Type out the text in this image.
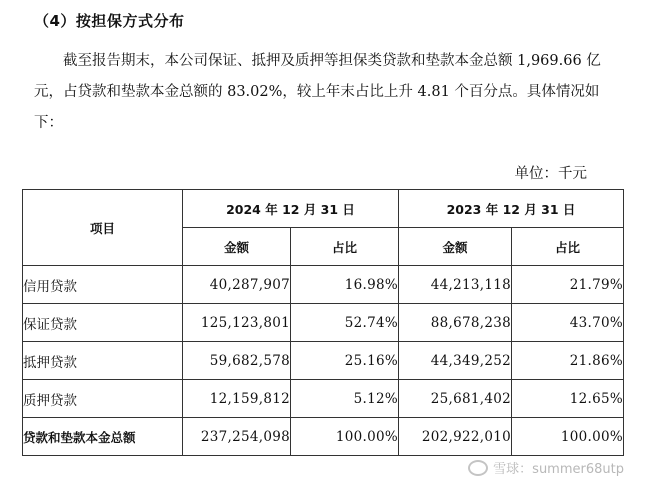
（4）按担保方式分布
截至报告期末，本公司保证、抵押及质押等担保类贷款和垫款本金总额 1,969.66 亿元，占贷款和垫款本金总额的 83.02%，较上年末占比上升 4.81 个百分点。具体情况如下：
单位：千元
项目	2024 年 12 月 31 日		2023 年 12 月 31 日	
	金额	占比	金额	占比
信用贷款	40,287,907	16.98%	44,213,118	21.79%
保证贷款	125,123,801	52.74%	88,678,238	43.70%
抵押贷款	59,682,578	25.16%	44,349,252	21.86%
质押贷款	12,159,812	5.12%	25,681,402	12.65%
贷款和垫款本金总额	237,254,098	100.00%	202,922,010	100.00%
雪球：summer68utp
